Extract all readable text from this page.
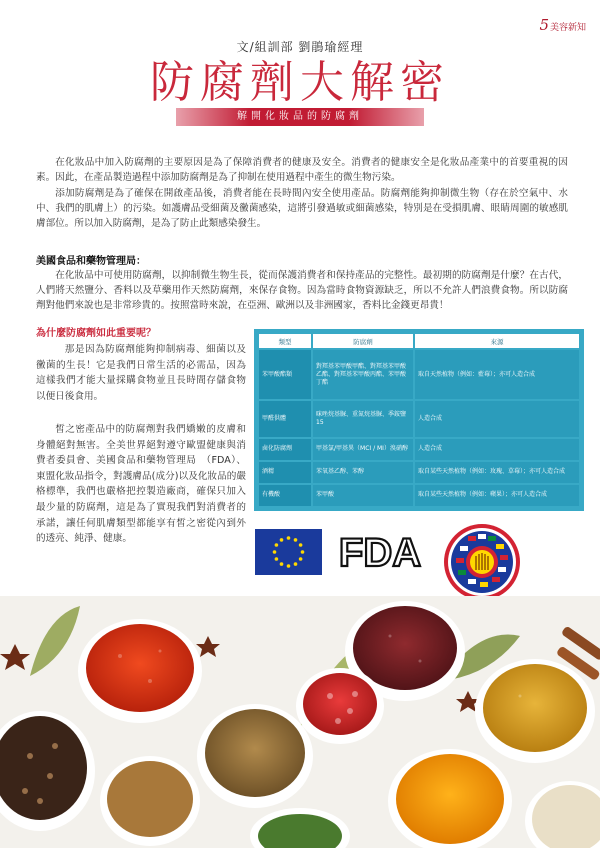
5 美容新知
文/組訓部 劉鵑瑜經理
防腐劑大解密
解開化妝品的防腐劑

在化妝品中加入防腐劑的主要原因是為了保障消費者的健康及安全。消費者的健康安全是化妝品產業中的首要重視的因素。因此，在產品製造過程中添加防腐劑是為了抑制在使用過程中產生的微生物污染。

添加防腐劑是為了確保在開啟產品後，消費者能在長時間內安全使用產品。防腐劑能夠抑制微生物（存在於空氣中、水中、我們的肌膚上）的污染。如護膚品受細菌及黴菌感染，這將引發過敏或細菌感染，特別是在受損肌膚、眼睛周圍的敏感肌膚部位。所以加入防腐劑，是為了防止此類感染發生。

美國食品和藥物管理局：

在化妝品中可使用防腐劑，以抑制微生物生長，從而保護消費者和保持產品的完整性。最初期的防腐劑是什麼？在古代，人們將天然鹽分、香料以及草藥用作天然防腐劑，來保存食物。因為當時食物資源缺乏，所以不允許人們浪費食物。所以防腐劑對他們來說也是非常珍貴的。按照當時來說，在亞洲、歐洲以及非洲國家，香料比金錢更昂貴！

為什麼防腐劑如此重要呢？

那是因為防腐劑能夠抑制病毒、細菌以及黴菌的生長！它是我們日常生活的必需品，因為這樣我們才能大量採購食物並且長時間存儲食物以便日後食用。

皙之密產品中的防腐劑對我們嬌嫩的皮膚和身體絕對無害。全美世界絕對遵守歐盟健康與消費者委員會、美國食品和藥物管理局　（FDA）、東盟化妝品指令，對護膚品(成分)以及化妝品的嚴格標準，我們也嚴格把控製造廠商，確保只加入最少量的防腐劑，這是為了實現我們對消費者的承諾，讓任何肌膚類型都能享有皙之密從內到外的透亮、純淨、健康。

類型	防腐劑	來源
苯甲酸酯類	對羥基苯甲酸甲酯、對羥基苯甲酸乙酯、對羥基苯甲酸丙酯、苯甲酸丁酯	取自天然植物（例如：藍莓）；亦可人造合成
甲醛供體	咪唑烷基脲、重氮烷基脲、季銨鹽15	人造合成
鹵化防腐劑	甲基氯/甲基異（MCI / MI）溴硝醇	人造合成
酒精	苯氧基乙醇、苯醇	取自某些天然植物（例如：玫瑰、草莓）；亦可人造合成
有機酸	苯甲酸	取自某些天然植物（例如：蘋果）；亦可人造合成
FDA
